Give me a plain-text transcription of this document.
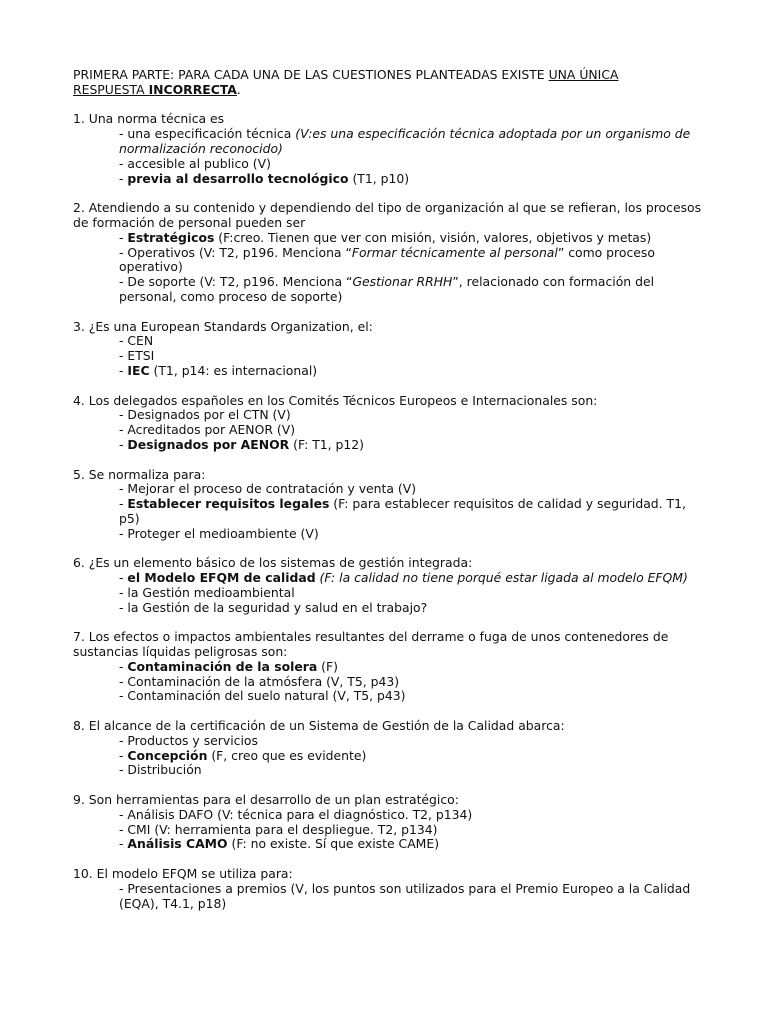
PRIMERA PARTE: PARA CADA UNA DE LAS CUESTIONES PLANTEADAS EXISTE UNA ÚNICA
RESPUESTA INCORRECTA.
1. Una norma técnica es
- una especificación técnica (V:es una especificación técnica adoptada por un organismo de normalización reconocido)
- accesible al publico (V)
- previa al desarrollo tecnológico (T1, p10)
2. Atendiendo a su contenido y dependiendo del tipo de organización al que se refieran, los procesos de formación de personal pueden ser
- Estratégicos (F:creo. Tienen que ver con misión, visión, valores, objetivos y metas)
- Operativos (V: T2, p196. Menciona “Formar técnicamente al personal” como proceso operativo)
- De soporte (V: T2, p196. Menciona “Gestionar RRHH”, relacionado con formación del personal, como proceso de soporte)
3. ¿Es una European Standards Organization, el:
- CEN
- ETSI
- IEC (T1, p14: es internacional)
4. Los delegados españoles en los Comités Técnicos Europeos e Internacionales son:
- Designados por el CTN (V)
- Acreditados por AENOR (V)
- Designados por AENOR (F: T1, p12)
5. Se normaliza para:
- Mejorar el proceso de contratación y venta (V)
- Establecer requisitos legales (F: para establecer requisitos de calidad y seguridad. T1, p5)
- Proteger el medioambiente (V)
6. ¿Es un elemento básico de los sistemas de gestión integrada:
- el Modelo EFQM de calidad (F: la calidad no tiene porqué estar ligada al modelo EFQM)
- la Gestión medioambiental
- la Gestión de la seguridad y salud en el trabajo?
7. Los efectos o impactos ambientales resultantes del derrame o fuga de unos contenedores de sustancias líquidas peligrosas son:
- Contaminación de la solera (F)
- Contaminación de la atmósfera (V, T5, p43)
- Contaminación del suelo natural (V, T5, p43)
8. El alcance de la certificación de un Sistema de Gestión de la Calidad abarca:
- Productos y servicios
- Concepción (F, creo que es evidente)
- Distribución
9. Son herramientas para el desarrollo de un plan estratégico:
- Análisis DAFO (V: técnica para el diagnóstico. T2, p134)
- CMI (V: herramienta para el despliegue. T2, p134)
- Análisis CAMO (F: no existe. Sí que existe CAME)
10. El modelo EFQM se utiliza para:
- Presentaciones a premios (V, los puntos son utilizados para el Premio Europeo a la Calidad (EQA), T4.1, p18)
